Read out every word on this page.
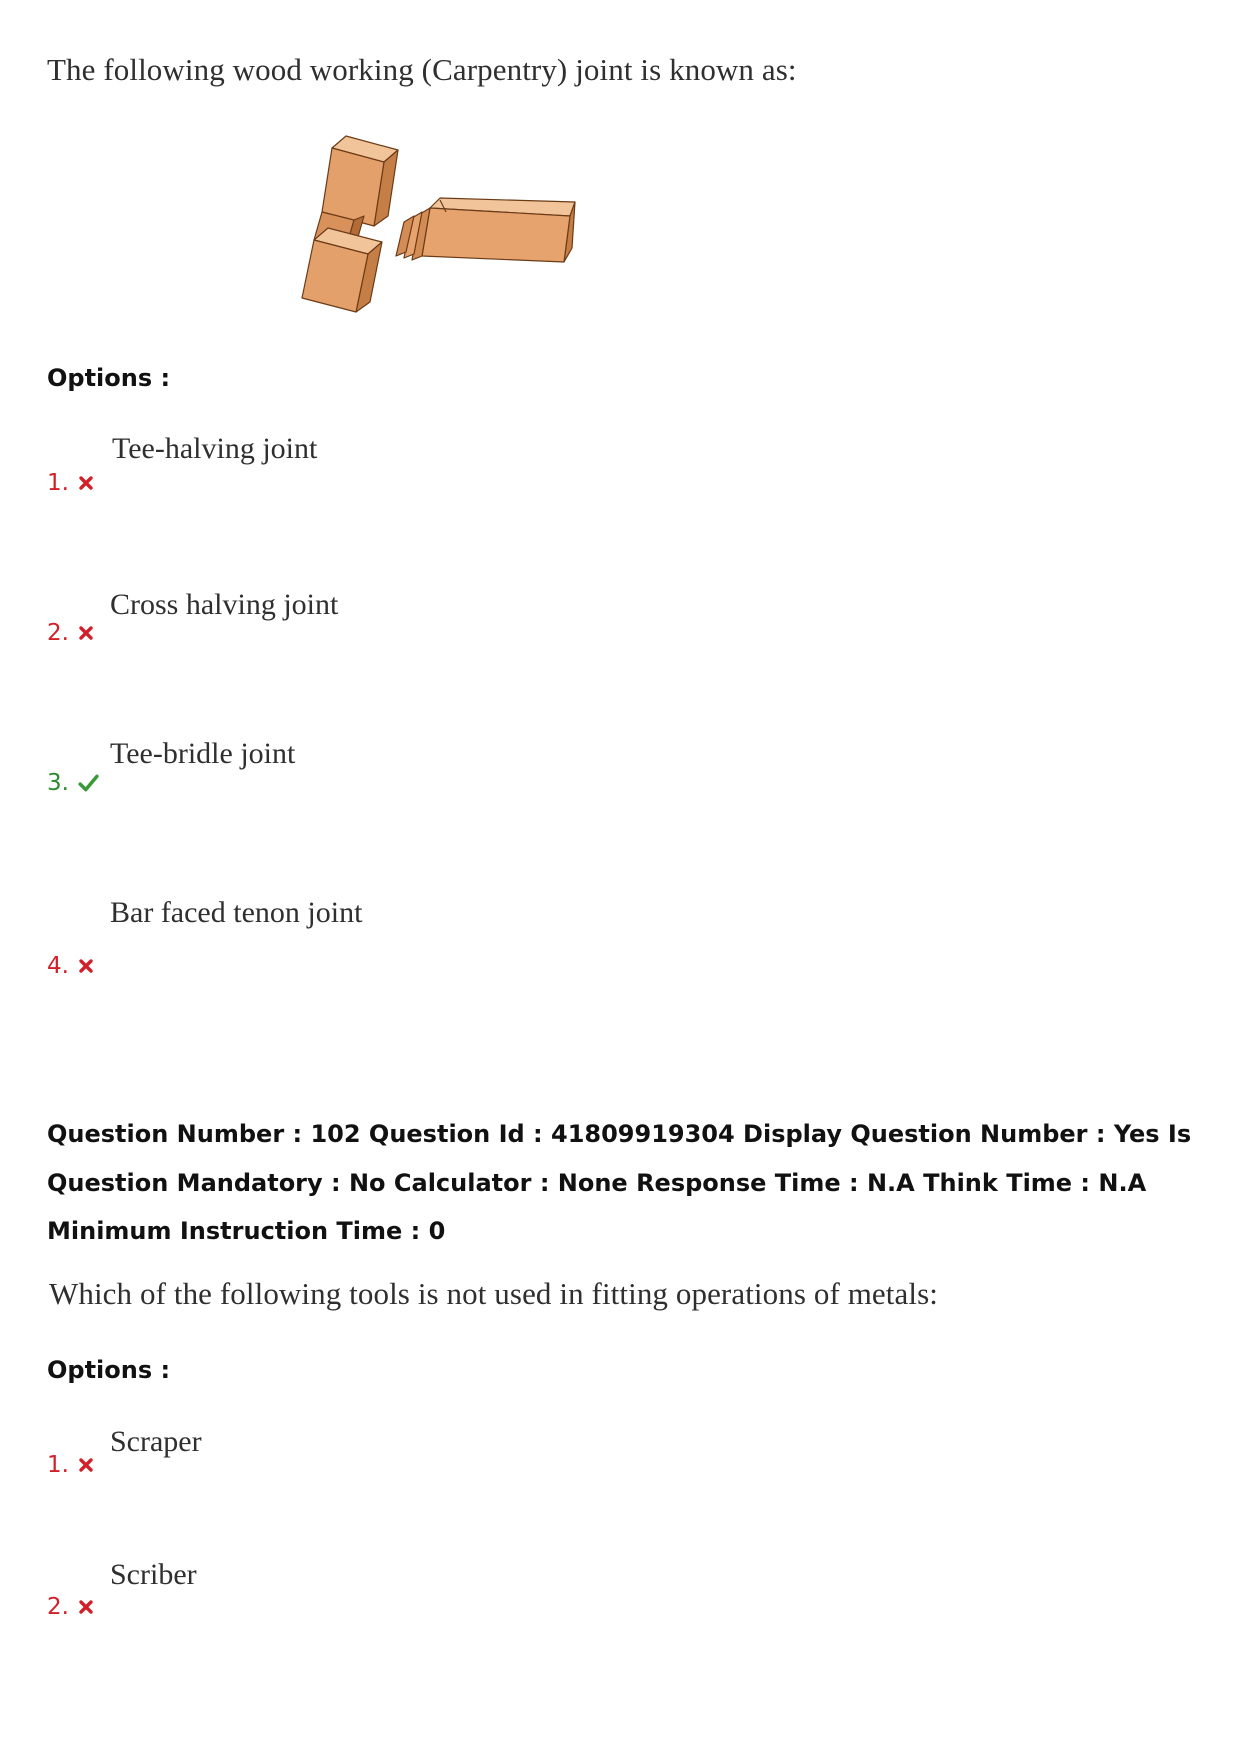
The following wood working (Carpentry) joint is known as:
Options :
Tee-halving joint
1.
Cross halving joint
2.
Tee-bridle joint
3.
Bar faced tenon joint
4.
Question Number : 102 Question Id : 41809919304 Display Question Number : Yes Is Question Mandatory : No Calculator : None Response Time : N.A Think Time : N.A Minimum Instruction Time : 0
Which of the following tools is not used in fitting operations of metals:
Options :
Scraper
1.
Scriber
2.
